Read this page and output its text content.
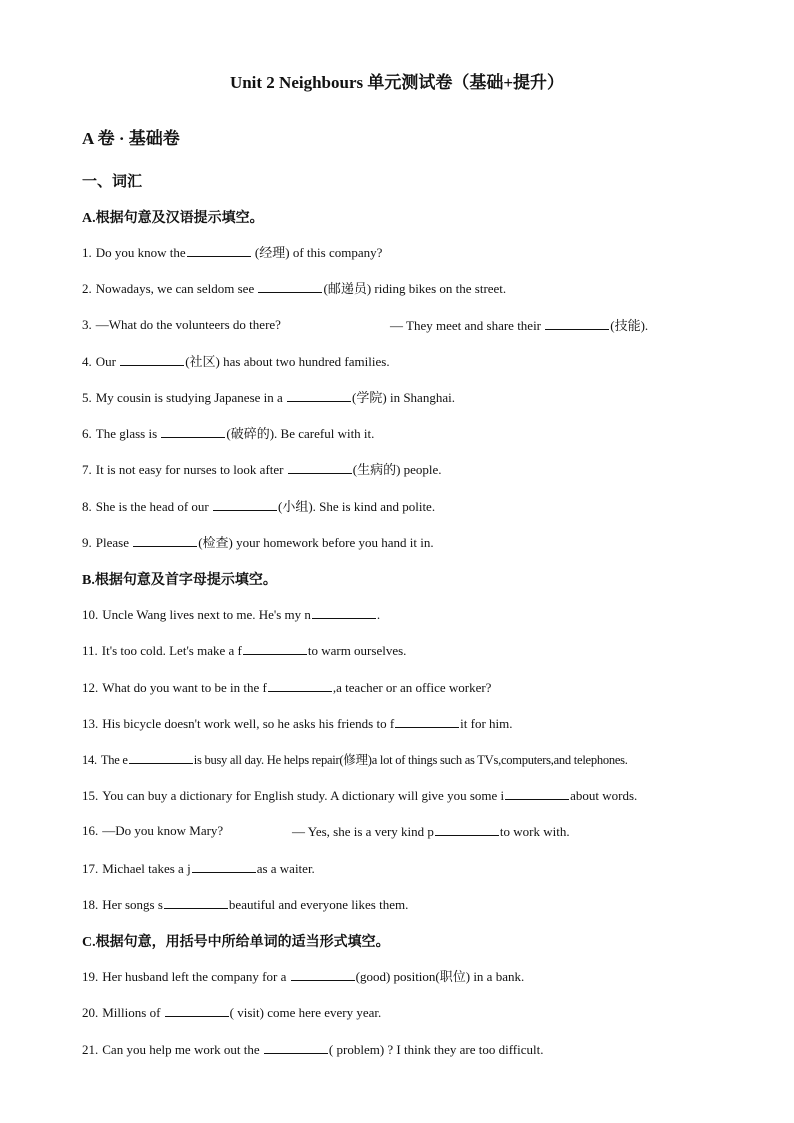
Unit 2 Neighbours 单元测试卷（基础+提升）
A 卷 · 基础卷
一、词汇
A.根据句意及汉语提示填空。

1. Do you know the	(经理) of this company?

2. Nowadays, we can seldom see	(邮递员) riding bikes on the street.

3. —What do the volunteers do there?	— They meet and share their	(技能).

4. Our	(社区) has about two hundred families.

5. My cousin is studying Japanese in a	(学院) in Shanghai.

6. The glass is	(破碎的). Be careful with it.

7. It is not easy for nurses to look after	(生病的) people.

8. She is the head of our	(小组). She is kind and polite.

9. Please	(检查) your homework before you hand it in.

B.根据句意及首字母提示填空。

10. Uncle Wang lives next to me. He's my n	.

11. It's too cold. Let's make a f	to warm ourselves.

12. What do you want to be in the f	,a teacher or an office worker?

13. His bicycle doesn't work well, so he asks his friends to f	it for him.

14. The e	is busy all day. He helps repair(修理)a lot of things such as TVs,computers,and telephones.

15. You can buy a dictionary for English study. A dictionary will give you some i	about words.

16. —Do you know Mary?	— Yes, she is a very kind p	to work with.

17. Michael takes a j	as a waiter.

18. Her songs s	beautiful and everyone likes them.

C.根据句意，用括号中所给单词的适当形式填空。

19. Her husband left the company for a	(good) position(职位) in a bank.

20. Millions of	( visit) come here every year.

21. Can you help me work out the	( problem) ? I think they are too difficult.
